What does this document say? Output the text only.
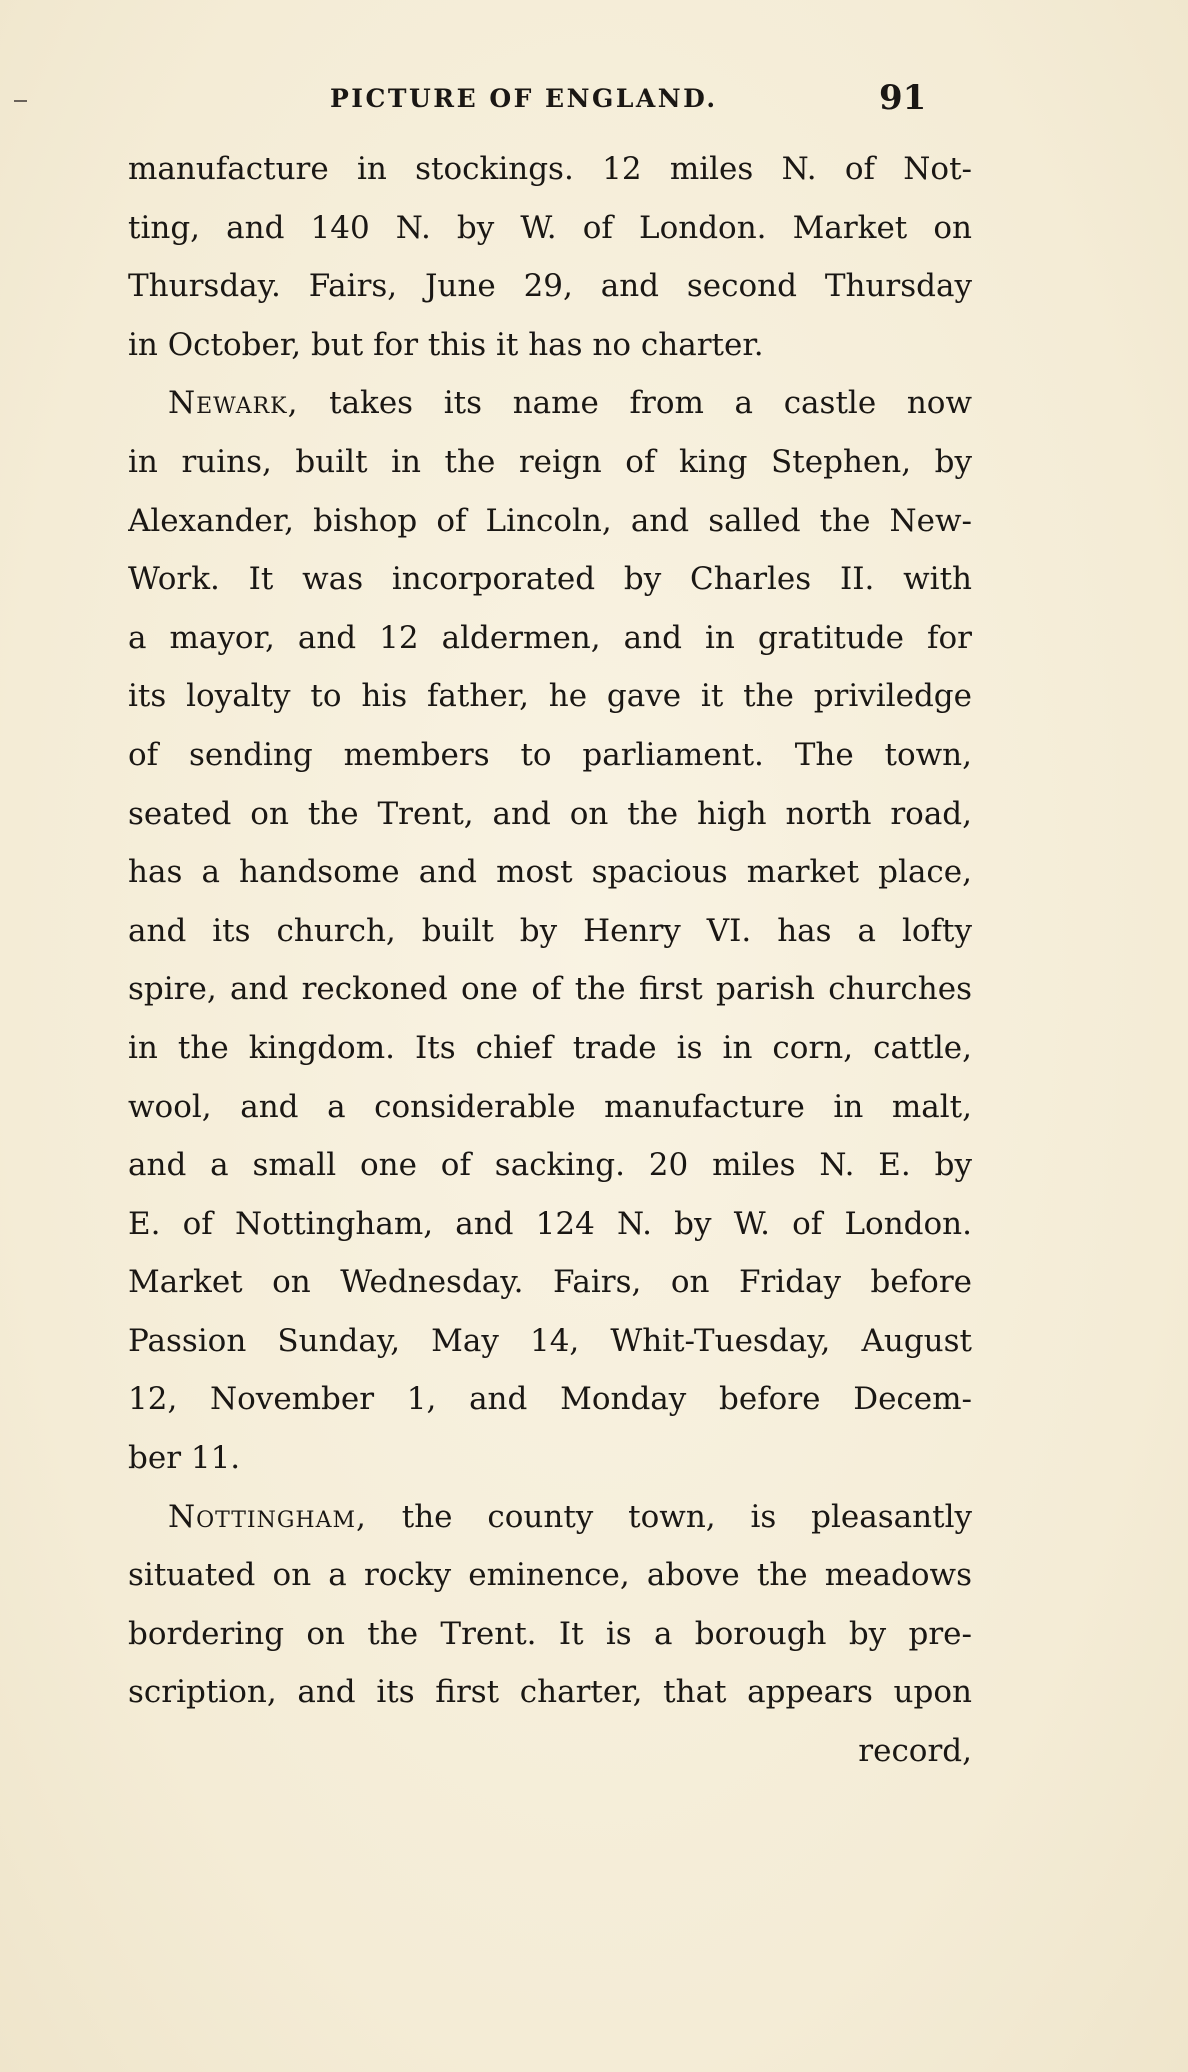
PICTURE OF ENGLAND.	91
manufacture in stockings. 12 miles N. of Not-
ting, and 140 N. by W. of London. Market on
Thursday. Fairs, June 29, and second Thursday
in October, but for this it has no charter.
Newark, takes its name from a castle now
in ruins, built in the reign of king Stephen, by
Alexander, bishop of Lincoln, and salled the New-
Work. It was incorporated by Charles II. with
a mayor, and 12 aldermen, and in gratitude for
its loyalty to his father, he gave it the priviledge
of sending members to parliament. The town,
seated on the Trent, and on the high north road,
has a handsome and most spacious market place,
and its church, built by Henry VI. has a lofty
spire, and reckoned one of the first parish churches
in the kingdom. Its chief trade is in corn, cattle,
wool, and a considerable manufacture in malt,
and a small one of sacking. 20 miles N. E. by
E. of Nottingham, and 124 N. by W. of London.
Market on Wednesday. Fairs, on Friday before
Passion Sunday, May 14, Whit-Tuesday, August
12, November 1, and Monday before Decem-
ber 11.
Nottingham, the county town, is pleasantly
situated on a rocky eminence, above the meadows
bordering on the Trent. It is a borough by pre-
scription, and its first charter, that appears upon
record,
